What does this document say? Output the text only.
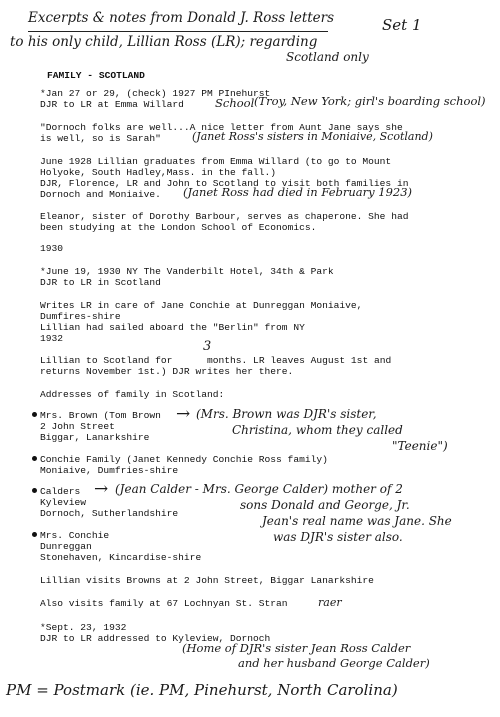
Excerpts & notes from Donald J. Ross letters
to his only child, Lillian Ross (LR); regarding
Scotland only
Set 1
FAMILY - SCOTLAND
*Jan 27 or 29, (check) 1927 PM PInehurst
DJR to LR at Emma Willard	School (Troy, New York; girl's boarding school)
"Dornoch folks are well...A nice letter from Aunt Jane says she
is well, so is Sarah"	(Janet Ross's sisters in Moniaive, Scotland)
June 1928 Lillian graduates from Emma Willard (to go to Mount
Holyoke, South Hadley,Mass. in the fall.)
DJR, Florence, LR and John to Scotland to visit both families in
Dornoch and Moniaive. (Janet Ross had died in February 1923)
Eleanor, sister of Dorothy Barbour, serves as chaperone. She had
been studying at the London School of Economics.
1930
*June 19, 1930 NY The Vanderbilt Hotel, 34th & Park
DJR to LR in Scotland
Writes LR in care of Jane Conchie at Dunreggan Moniaive,
Dumfires-shire
Lillian had sailed aboard the "Berlin" from NY
1932
Lillian to Scotland for
3
months. LR leaves August 1st and
returns November 1st.) DJR writes her there.
Addresses of family in Scotland:
Mrs. Brown (Tom Brown → (Mrs. Brown was DJR's sister,
2 John Street	Christina, whom they called
Biggar, Lanarkshire
"Teenie")
Conchie Family (Janet Kennedy Conchie Ross family)
Moniaive, Dumfries-shire
Calders → (Jean Calder - Mrs. George Calder) mother of 2
Kyleview	sons Donald and George, Jr.
Dornoch, Sutherlandshire
Jean's real name was Jane. She
was DJR's sister also.
Mrs. Conchie
Dunreggan
Stonehaven, Kincardise-shire
Lillian visits Browns at 2 John Street, Biggar Lanarkshire
Also visits family at 67 Lochnyan St. Stran	raer
*Sept. 23, 1932
DJR to LR addressed to Kyleview, Dornoch
(Home of DJR's sister Jean Ross Calder
and her husband George Calder)
PM = Postmark (ie. PM, Pinehurst, North Carolina)
